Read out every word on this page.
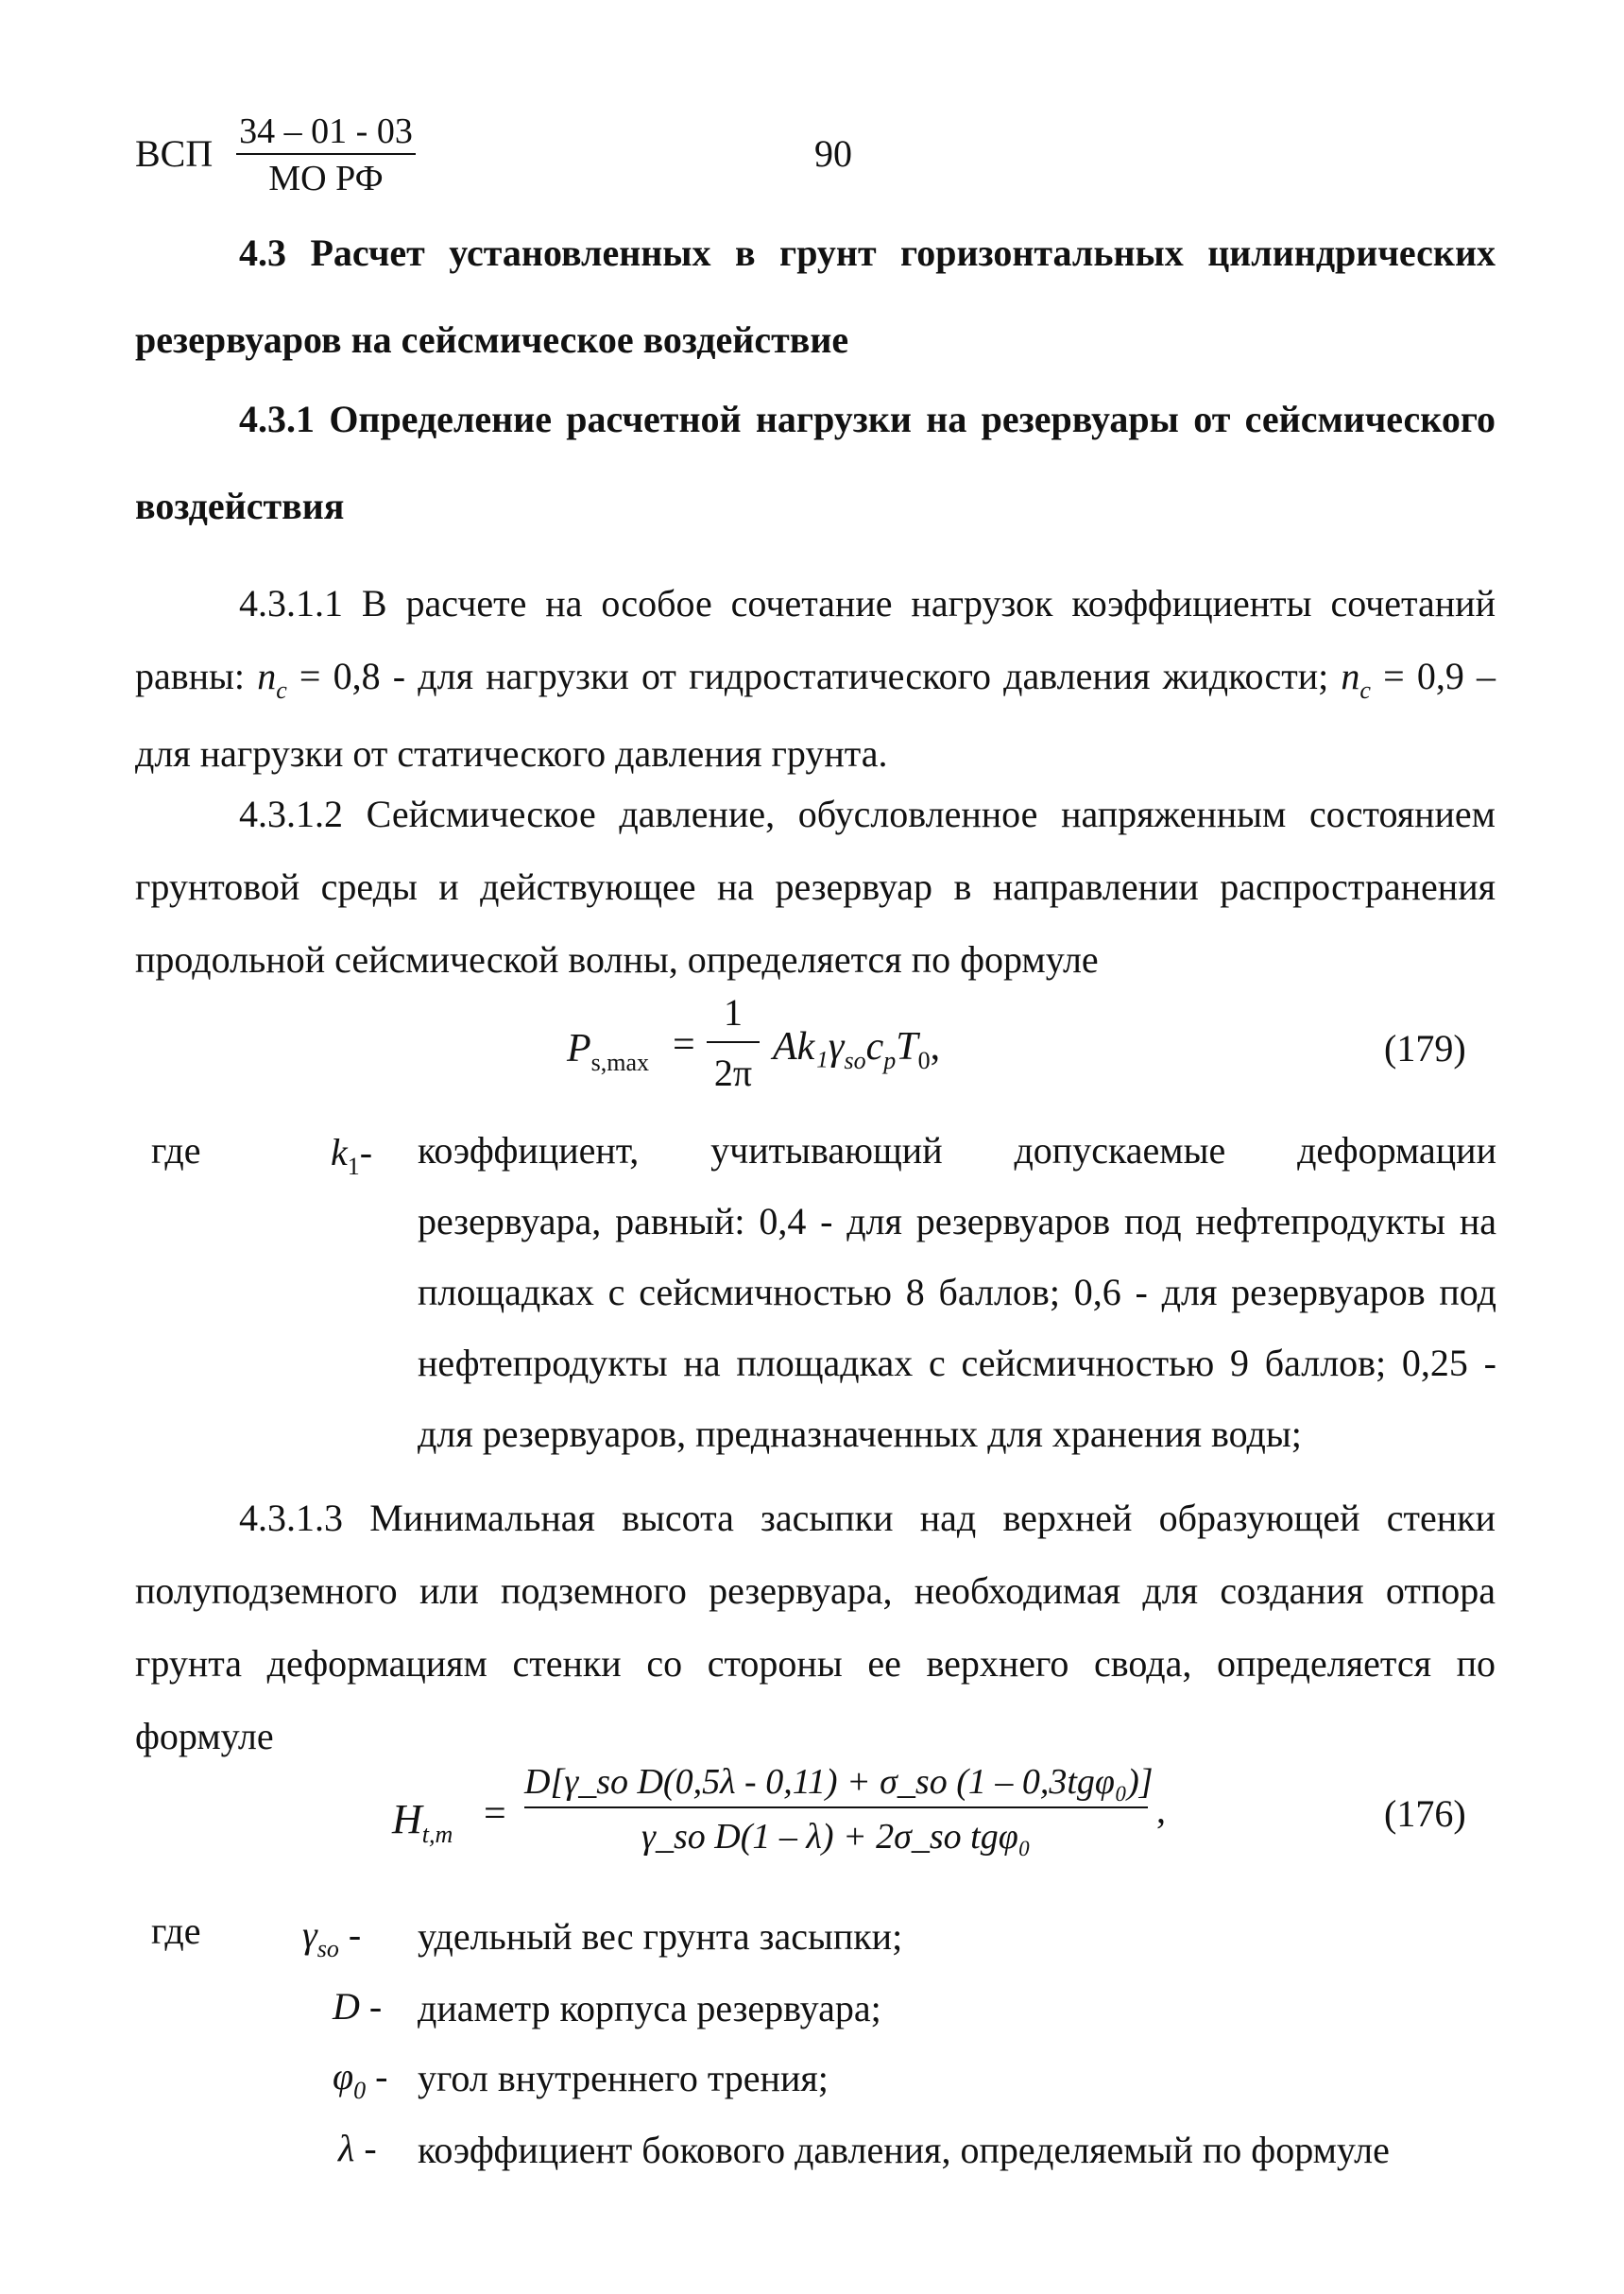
ВСП
34 – 01 - 03
МО РФ
90
4.3 Расчет установленных в грунт горизонтальных цилиндрических резервуаров на сейсмическое воздействие
4.3.1 Определение расчетной нагрузки на резервуары от сейсмического воздействия
4.3.1.1 В расчете на особое сочетание нагрузок коэффициенты сочетаний равны: $n_c = 0,8$ - для нагрузки от гидростатического давления жидкости; $n_c = 0,9$ – для нагрузки от статического давления грунта.
4.3.1.2 Сейсмическое давление, обусловленное напряженным состоянием грунтовой среды и действующее на резервуар в направлении распространения продольной сейсмической волны, определяется по формуле
$P_{s,max}$ =
1
2π
$Ak_1\gamma_{so}c_pT_0$,	(179)
где	$k_1-$ коэффициент, учитывающий допускаемые деформации резервуара, равный: 0,4 - для резервуаров под нефтепродукты на площадках с сейсмичностью 8 баллов; 0,6 - для резервуаров под нефтепродукты на площадках с сейсмичностью 9 баллов; 0,25 - для резервуаров, предназначенных для хранения воды;
4.3.1.3 Минимальная высота засыпки над верхней образующей стенки полуподземного или подземного резервуара, необходимая для создания отпора грунта деформациям стенки со стороны ее верхнего свода, определяется по формуле
$H_{t,m}$ =
D[γ_so D(0,5λ - 0,11) + σ_so (1 – 0,3tgφ₀)]
γ_so D(1 – λ) + 2σ_so tgφ₀
,	(176)
где	$\gamma_{so}$ - удельный вес грунта засыпки;
D - диаметр корпуса резервуара;
$\varphi_0$ - угол внутреннего трения;
λ - коэффициент бокового давления, определяемый по формуле
